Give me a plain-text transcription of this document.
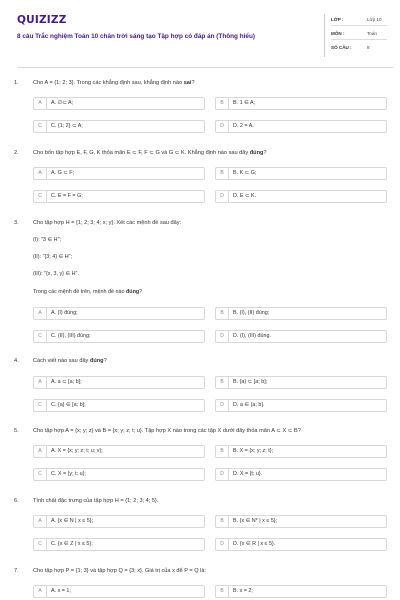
QUIZIZZ
8 câu Trắc nghiệm Toán 10 chân trời sáng tạo Tập hợp có đáp án (Thông hiểu)
LỚP :	Lớp 10
MÔN :	Toán
SỐ CÂU :	8
1.	Cho A = {1; 2; 3}. Trong các khẳng định sau, khẳng định nào sai?
A	A. ∅⊂ A;	B	B. 1 ∈ A;
C	C. {1; 2} ⊂ A;	D	D. 2 = A.
2.	Cho bốn tập hợp E, F, G, K thỏa mãn E ⊂ F, F ⊂ G và G ⊂ K. Khẳng định nào sau đây đúng?
A	A. G ⊂ F;	B	B. K ⊂ G;
C	C. E = F = G;	D	D. E ⊂ K.
3.	Cho tập hợp H = {1; 2; 3; 4; x; y}. Xét các mệnh đề sau đây:
(I): "3 ∈ H";
(II): "{3; 4} ∈ H";
(III): "{x, 3, y} ∈ H".
Trong các mệnh đề trên, mệnh đề nào đúng?
A	A. (I) đúng;	B	B. (I), (II) đúng;
C	C. (II), (III) đúng;	D	D. (I), (III) đúng.
4.	Cách viết nào sau đây đúng?
A	A. a ⊂ [a; b];	B	B. {a} ⊂ [a; b];
C	C. {a} ∈ [a; b];	D	D. a ∈ (a; b].
5.	Cho tập hợp A = {x; y; z} và B = {x; y; z; t; u}. Tập hợp X nào trong các tập X dưới đây thỏa mãn A ⊂ X ⊂ B?
A	A. X = {x; y; z; t; u; v};	B	B. X = {x; y; z; t};
C	C. X = {y; t; u};	D	D. X = {t; u}.
6.	Tính chất đặc trưng của tập hợp H = {1; 2; 3; 4; 5}.
A	A. {x ∈ N | x ≤ 5};	B	B. {x ∈ N* | x ≤ 5};
C	C. {x ∈ Z | x ≤ 5};	D	D. {x ∈ R | x ≤ 5}.
7.	Cho tập hợp P = {1; 3} và tập hợp Q = {3; x}. Giá trị của x để P = Q là:
A	A. x = 1;	B	B. x = 2;
